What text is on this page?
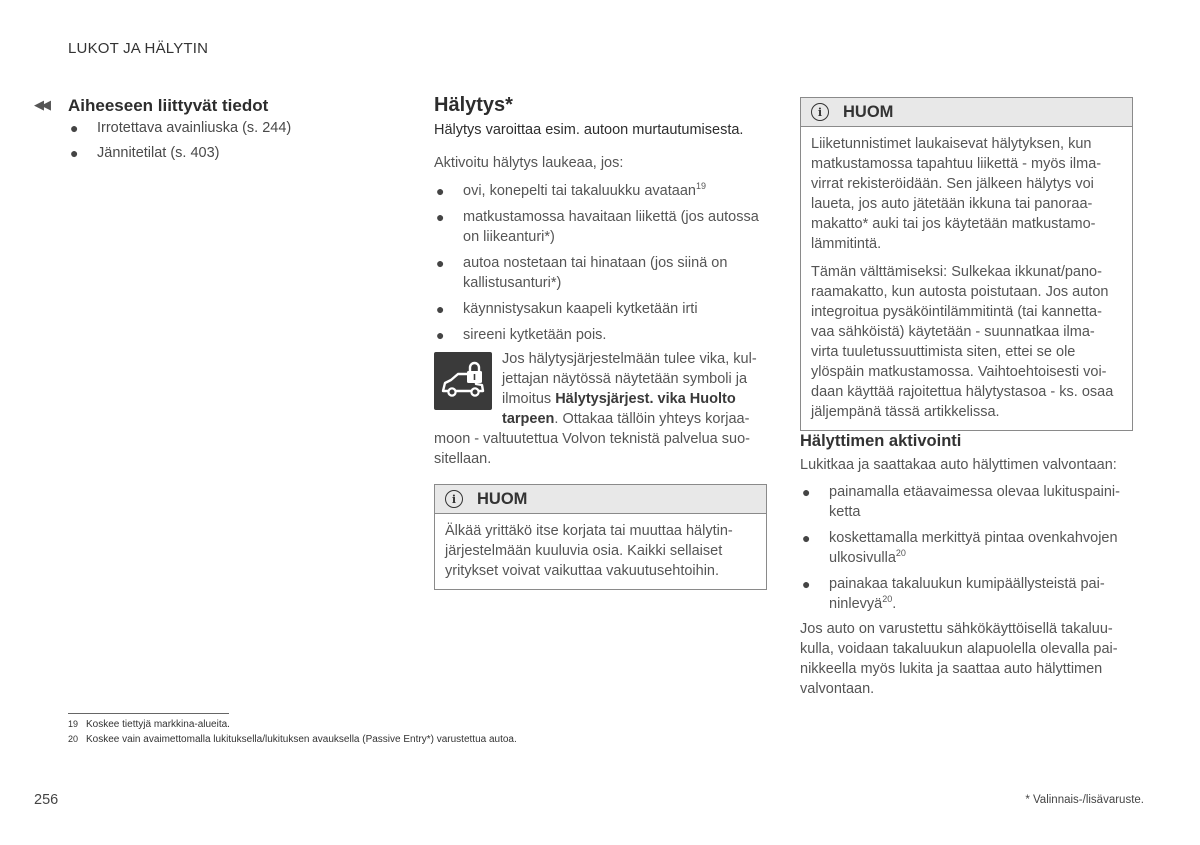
LUKOT JA HÄLYTIN
◀◀ Aiheeseen liittyvät tiedot
● Irrotettava avainliuska (s. 244)
● Jännitetilat (s. 403)
Hälytys*
Hälytys varoittaa esim. autoon murtautumisesta.
Aktivoitu hälytys laukeaa, jos:
● ovi, konepelti tai takaluukku avataan$^{19}$
● matkustamossa havaitaan liikettä (jos autossa on liikeanturi*)
● autoa nostetaan tai hinataan (jos siinä on kallistusanturi*)
● käynnistysakun kaapeli kytketään irti
● sireeni kytketään pois.
Jos hälytysjärjestelmään tulee vika, kul-
jettajan näytössä näytetään symboli ja
ilmoitus Hälytysjärjest. vika Huolto
tarpeen. Ottakaa tällöin yhteys korjaa-
moon - valtuutettua Volvon teknistä palvelua suo-
sitellaan.
i	HUOM

Älkää yrittäkö itse korjata tai muuttaa hälytin-järjestelmään kuuluvia osia. Kaikki sellaiset yritykset voivat vaikuttaa vakuutusehtoihin.

i	HUOM

Liiketunnistimet laukaisevat hälytyksen, kun matkustamossa tapahtuu liikettä - myös ilma-virrat rekisteröidään. Sen jälkeen hälytys voi laueta, jos auto jätetään ikkuna tai panoraa-makatto* auki tai jos käytetään matkustamo-lämmitintä.

Tämän välttämiseksi: Sulkekaa ikkunat/pano-raamakatto, kun autosta poistutaan. Jos auton integroitua pysäköintilämmitintä (tai kannetta-vaa sähköistä) käytetään - suunnatkaa ilma-virta tuuletussuuttimista siten, ettei se ole ylöspäin matkustamossa. Vaihtoehtoisesti voi-daan käyttää rajoitettua hälytystasoa - ks. osaa jäljempänä tässä artikkelissa.

Hälyttimen aktivointi
Lukitkaa ja saattakaa auto hälyttimen valvontaan:
● painamalla etäavaimessa olevaa lukituspaini-ketta
● koskettamalla merkittyä pintaa ovenkahvojen ulkosivulla$^{20}$
● painakaa takaluukun kumipäällysteistä pai-ninlevyä$^{20}$.
Jos auto on varustettu sähkökäyttöisellä takaluu-kulla, voidaan takaluukun alapuolella olevalla pai-nikkeella myös lukita ja saattaa auto hälyttimen valvontaan.
19 Koskee tiettyjä markkina-alueita.
20 Koskee vain avaimettomalla lukituksella/lukituksen avauksella (Passive Entry*) varustettua autoa.
256	* Valinnais-/lisävaruste.
